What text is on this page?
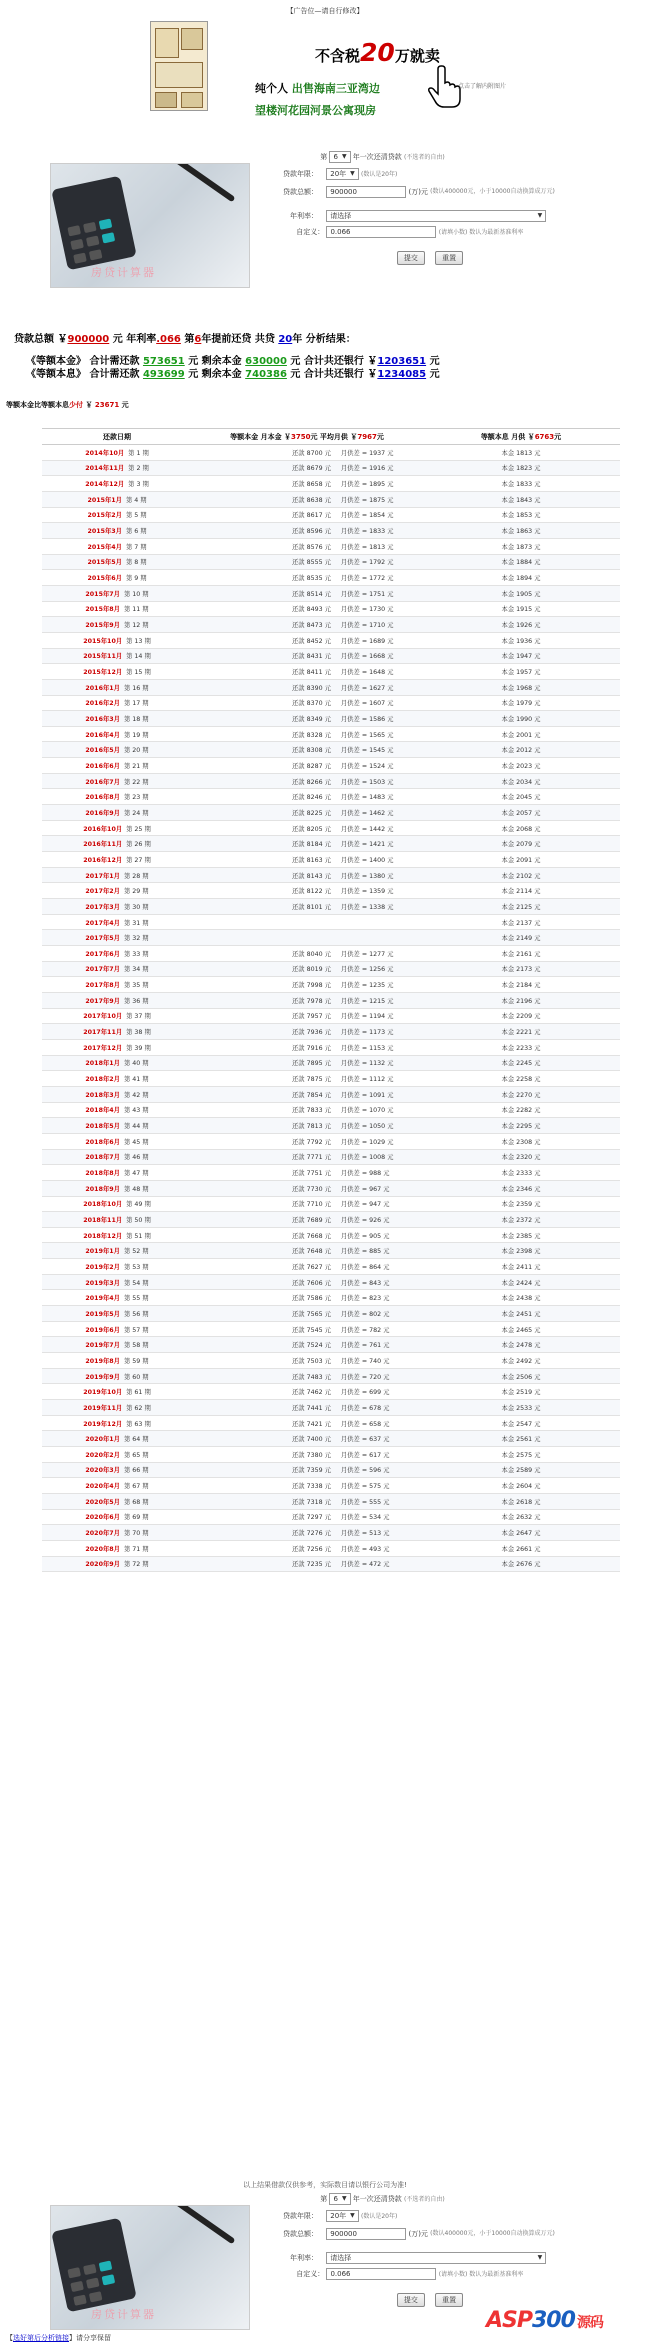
【广告位—请自行修改】
不含税20万就卖
纯个人 出售海南三亚湾边
望楼河花园河景公寓现房
点击了解内附图片
房贷计算器
第 6 ▼ 年一次还清贷款 (不选者的自由)
贷款年限： 20年 ▼ (数认是20年)
贷款总额： 900000	(万)元 (数认400000元，小于10000自动换算成万元)
年利率： 请选择	▼
自定义： 0.066	(请填小数) 数认为最新基准利率
提交	重置
贷款总额 ￥900000 元 年利率.066 第6年提前还贷 共贷 20年 分析结果：
《等额本金》 合计需还款 573651 元 剩余本金 630000 元 合计共还银行 ￥1203651 元
《等额本息》 合计需还款 493699 元 剩余本金 740386 元 合计共还银行 ￥1234085 元
等额本金比等额本息少付 ￥ 23671 元
还款日期	等额本金 月本金 ￥3750元 平均月供 ￥7967元	等额本息 月供 ￥6763元
2014年10月 第 1 期	还款 8700 元 月供差 = 1937 元	本金 1813 元
2014年11月 第 2 期	还款 8679 元 月供差 = 1916 元	本金 1823 元
2014年12月 第 3 期	还款 8658 元 月供差 = 1895 元	本金 1833 元
2015年1月 第 4 期	还款 8638 元 月供差 = 1875 元	本金 1843 元
2015年2月 第 5 期	还款 8617 元 月供差 = 1854 元	本金 1853 元
2015年3月 第 6 期	还款 8596 元 月供差 = 1833 元	本金 1863 元
2015年4月 第 7 期	还款 8576 元 月供差 = 1813 元	本金 1873 元
2015年5月 第 8 期	还款 8555 元 月供差 = 1792 元	本金 1884 元
2015年6月 第 9 期	还款 8535 元 月供差 = 1772 元	本金 1894 元
2015年7月 第 10 期	还款 8514 元 月供差 = 1751 元	本金 1905 元
2015年8月 第 11 期	还款 8493 元 月供差 = 1730 元	本金 1915 元
2015年9月 第 12 期	还款 8473 元 月供差 = 1710 元	本金 1926 元
2015年10月 第 13 期	还款 8452 元 月供差 = 1689 元	本金 1936 元
2015年11月 第 14 期	还款 8431 元 月供差 = 1668 元	本金 1947 元
2015年12月 第 15 期	还款 8411 元 月供差 = 1648 元	本金 1957 元
2016年1月 第 16 期	还款 8390 元 月供差 = 1627 元	本金 1968 元
2016年2月 第 17 期	还款 8370 元 月供差 = 1607 元	本金 1979 元
2016年3月 第 18 期	还款 8349 元 月供差 = 1586 元	本金 1990 元
2016年4月 第 19 期	还款 8328 元 月供差 = 1565 元	本金 2001 元
2016年5月 第 20 期	还款 8308 元 月供差 = 1545 元	本金 2012 元
2016年6月 第 21 期	还款 8287 元 月供差 = 1524 元	本金 2023 元
2016年7月 第 22 期	还款 8266 元 月供差 = 1503 元	本金 2034 元
2016年8月 第 23 期	还款 8246 元 月供差 = 1483 元	本金 2045 元
2016年9月 第 24 期	还款 8225 元 月供差 = 1462 元	本金 2057 元
2016年10月 第 25 期	还款 8205 元 月供差 = 1442 元	本金 2068 元
2016年11月 第 26 期	还款 8184 元 月供差 = 1421 元	本金 2079 元
2016年12月 第 27 期	还款 8163 元 月供差 = 1400 元	本金 2091 元
2017年1月 第 28 期	还款 8143 元 月供差 = 1380 元	本金 2102 元
2017年2月 第 29 期	还款 8122 元 月供差 = 1359 元	本金 2114 元
2017年3月 第 30 期	还款 8101 元 月供差 = 1338 元	本金 2125 元
2017年4月 第 31 期		本金 2137 元
2017年5月 第 32 期		本金 2149 元
2017年6月 第 33 期	还款 8040 元 月供差 = 1277 元	本金 2161 元
2017年7月 第 34 期	还款 8019 元 月供差 = 1256 元	本金 2173 元
2017年8月 第 35 期	还款 7998 元 月供差 = 1235 元	本金 2184 元
2017年9月 第 36 期	还款 7978 元 月供差 = 1215 元	本金 2196 元
2017年10月 第 37 期	还款 7957 元 月供差 = 1194 元	本金 2209 元
2017年11月 第 38 期	还款 7936 元 月供差 = 1173 元	本金 2221 元
2017年12月 第 39 期	还款 7916 元 月供差 = 1153 元	本金 2233 元
2018年1月 第 40 期	还款 7895 元 月供差 = 1132 元	本金 2245 元
2018年2月 第 41 期	还款 7875 元 月供差 = 1112 元	本金 2258 元
2018年3月 第 42 期	还款 7854 元 月供差 = 1091 元	本金 2270 元
2018年4月 第 43 期	还款 7833 元 月供差 = 1070 元	本金 2282 元
2018年5月 第 44 期	还款 7813 元 月供差 = 1050 元	本金 2295 元
2018年6月 第 45 期	还款 7792 元 月供差 = 1029 元	本金 2308 元
2018年7月 第 46 期	还款 7771 元 月供差 = 1008 元	本金 2320 元
2018年8月 第 47 期	还款 7751 元 月供差 = 988 元	本金 2333 元
2018年9月 第 48 期	还款 7730 元 月供差 = 967 元	本金 2346 元
2018年10月 第 49 期	还款 7710 元 月供差 = 947 元	本金 2359 元
2018年11月 第 50 期	还款 7689 元 月供差 = 926 元	本金 2372 元
2018年12月 第 51 期	还款 7668 元 月供差 = 905 元	本金 2385 元
2019年1月 第 52 期	还款 7648 元 月供差 = 885 元	本金 2398 元
2019年2月 第 53 期	还款 7627 元 月供差 = 864 元	本金 2411 元
2019年3月 第 54 期	还款 7606 元 月供差 = 843 元	本金 2424 元
2019年4月 第 55 期	还款 7586 元 月供差 = 823 元	本金 2438 元
2019年5月 第 56 期	还款 7565 元 月供差 = 802 元	本金 2451 元
2019年6月 第 57 期	还款 7545 元 月供差 = 782 元	本金 2465 元
2019年7月 第 58 期	还款 7524 元 月供差 = 761 元	本金 2478 元
2019年8月 第 59 期	还款 7503 元 月供差 = 740 元	本金 2492 元
2019年9月 第 60 期	还款 7483 元 月供差 = 720 元	本金 2506 元
2019年10月 第 61 期	还款 7462 元 月供差 = 699 元	本金 2519 元
2019年11月 第 62 期	还款 7441 元 月供差 = 678 元	本金 2533 元
2019年12月 第 63 期	还款 7421 元 月供差 = 658 元	本金 2547 元
2020年1月 第 64 期	还款 7400 元 月供差 = 637 元	本金 2561 元
2020年2月 第 65 期	还款 7380 元 月供差 = 617 元	本金 2575 元
2020年3月 第 66 期	还款 7359 元 月供差 = 596 元	本金 2589 元
2020年4月 第 67 期	还款 7338 元 月供差 = 575 元	本金 2604 元
2020年5月 第 68 期	还款 7318 元 月供差 = 555 元	本金 2618 元
2020年6月 第 69 期	还款 7297 元 月供差 = 534 元	本金 2632 元
2020年7月 第 70 期	还款 7276 元 月供差 = 513 元	本金 2647 元
2020年8月 第 71 期	还款 7256 元 月供差 = 493 元	本金 2661 元
2020年9月 第 72 期	还款 7235 元 月供差 = 472 元	本金 2676 元
以上结果借款仅供参考，实际数目请以银行公司为准!
房贷计算器
第 6 ▼ 年一次还清贷款 (不选者的自由)
贷款年限： 20年 ▼ (数认是20年)
贷款总额： 900000	(万)元 (数认400000元，小于10000自动换算成万元)
年利率： 请选择	▼
自定义： 0.066	(请填小数) 数认为最新基准利率
提交	重置
【选好第后分析链接】请分享保留
ASP300 源码
